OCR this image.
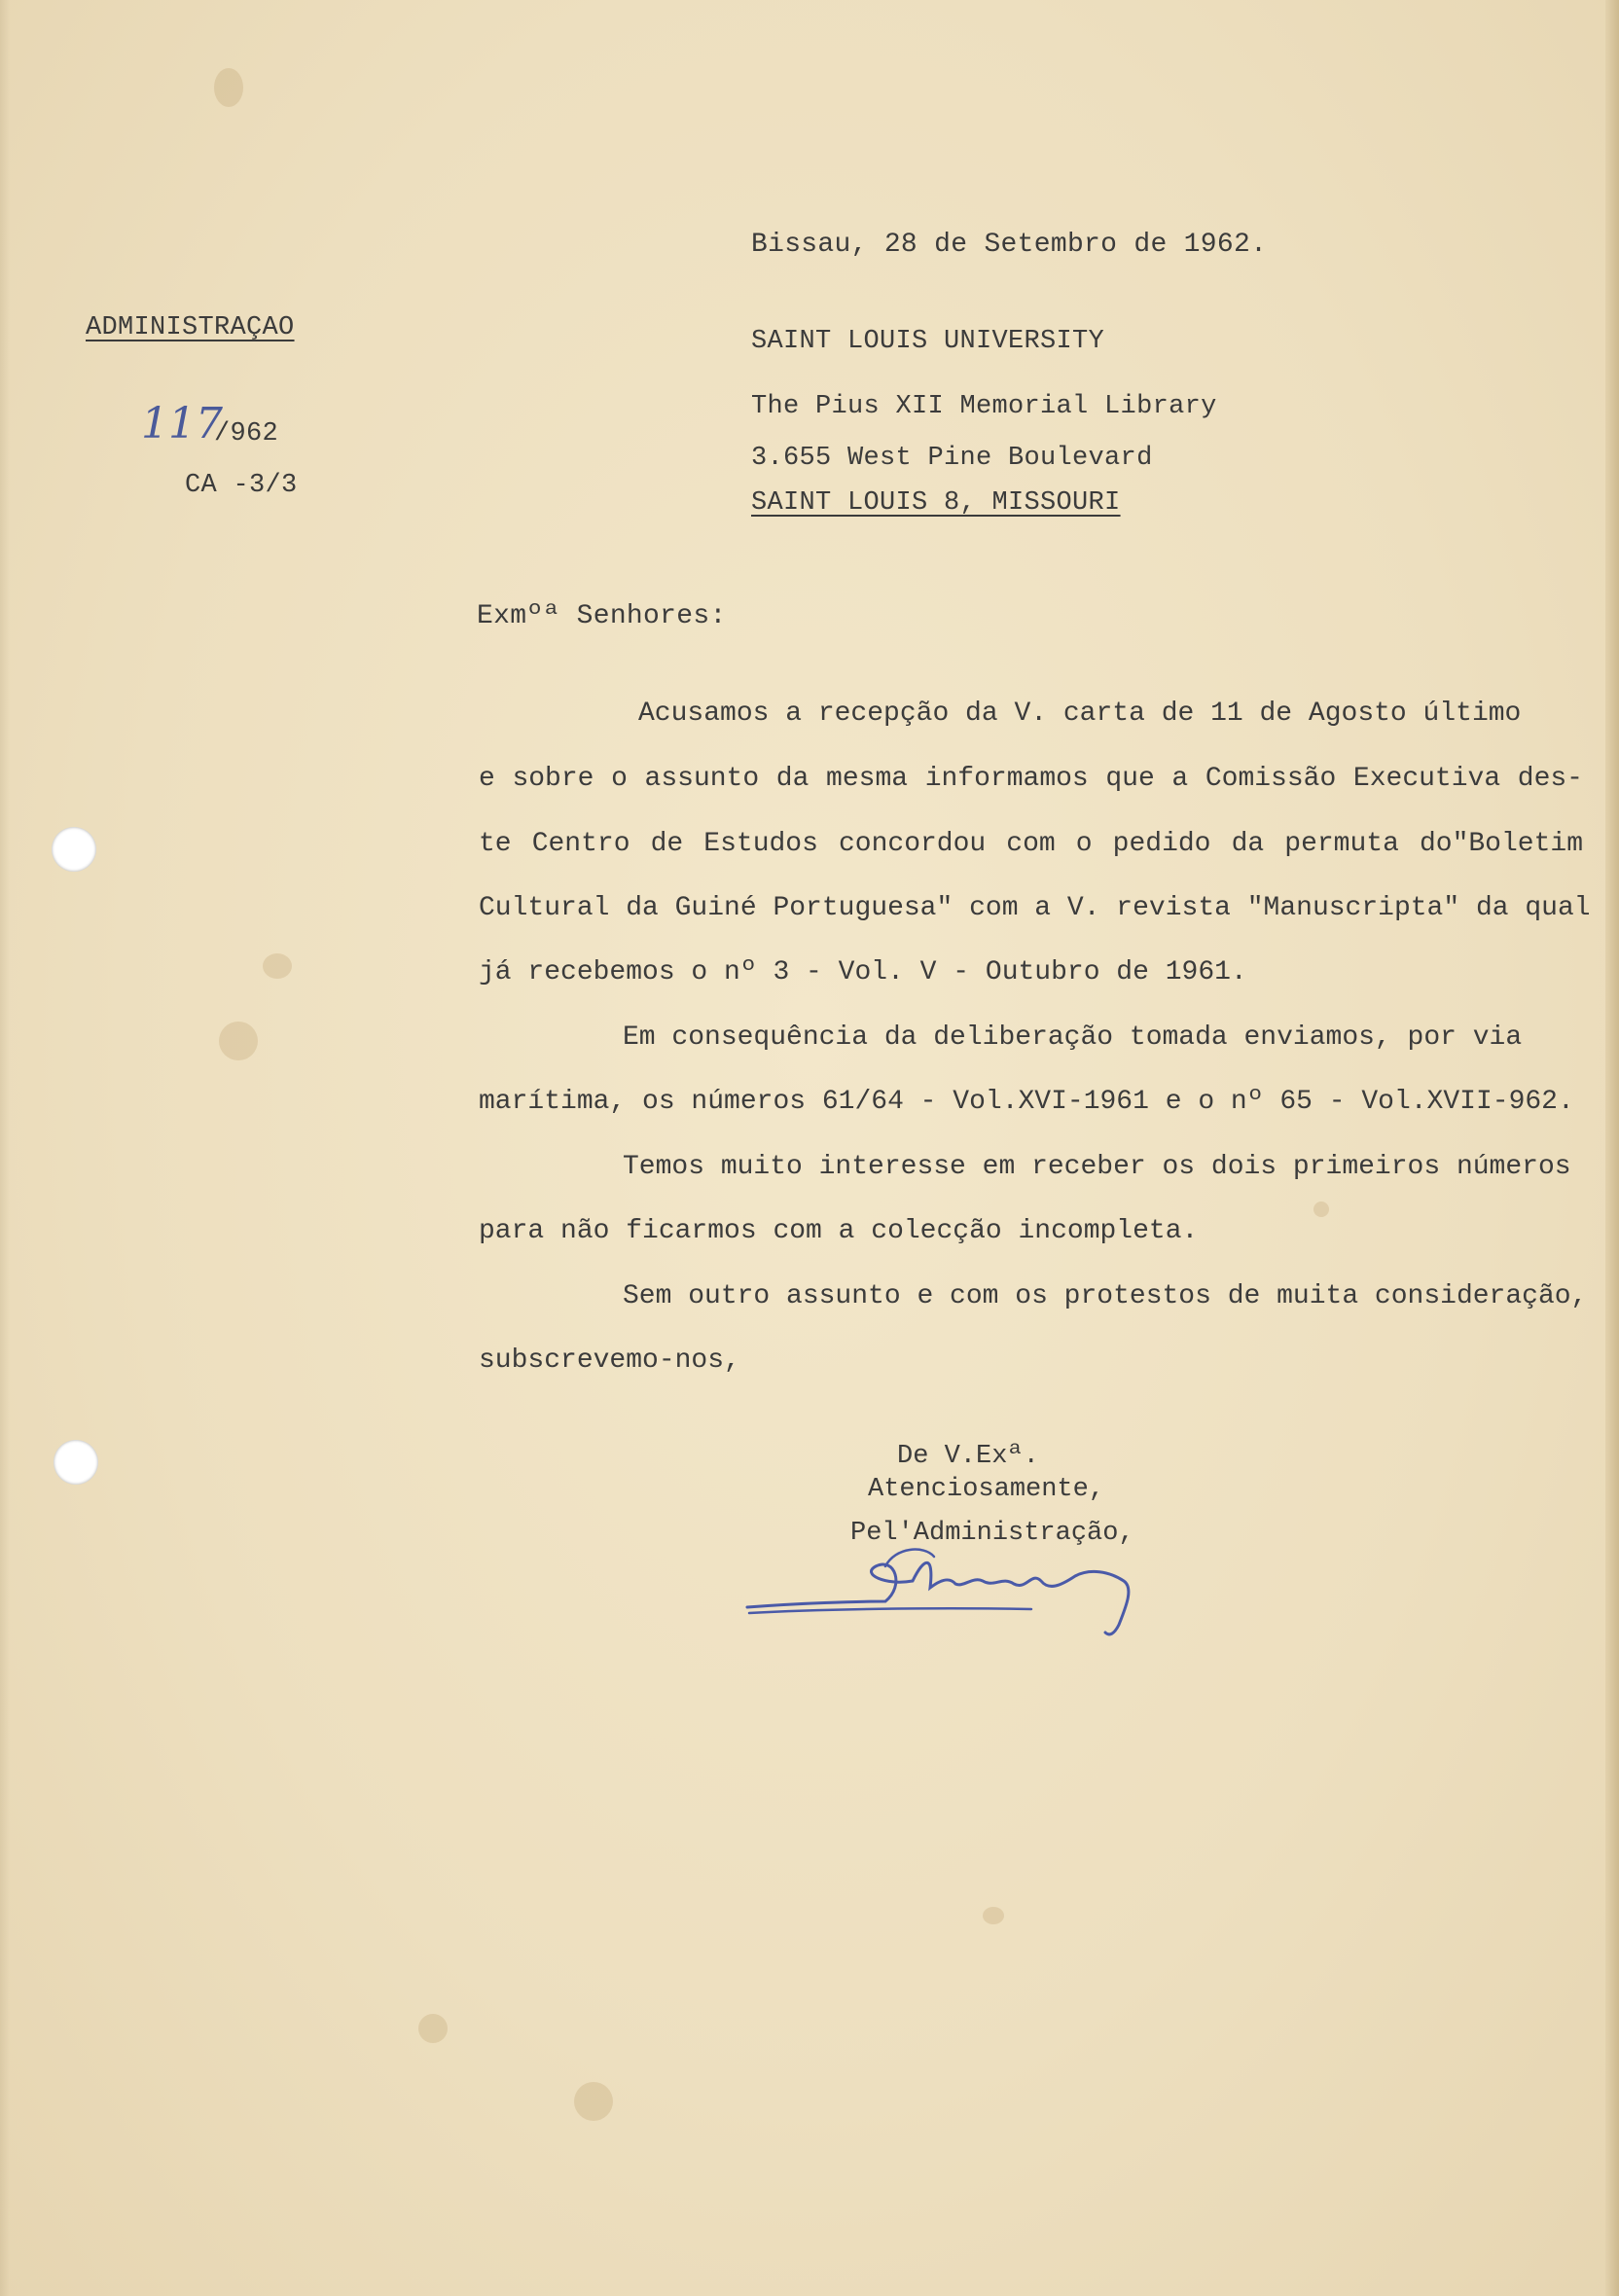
ADMINISTRAÇAO
117
/962
CA -3/3
Bissau, 28 de Setembro de 1962.
SAINT LOUIS UNIVERSITY
The Pius XII Memorial Library
3.655 West Pine Boulevard
SAINT LOUIS 8, MISSOURI
Exmºª Senhores:
Acusamos a recepção da V. carta de 11 de Agosto último
e sobre o assunto da mesma informamos que a Comissão Executiva des-
te Centro de Estudos concordou com o pedido da permuta do"Boletim
Cultural da Guiné Portuguesa" com a V. revista "Manuscripta" da qual
já recebemos o nº 3 - Vol. V - Outubro de 1961.
Em consequência da deliberação tomada enviamos, por via
marítima, os números 61/64 - Vol.XVI-1961 e o nº 65 - Vol.XVII-962.
Temos muito interesse em receber os dois primeiros números
para não ficarmos com a colecção incompleta.
Sem outro assunto e com os protestos de muita consideração,
subscrevemo-nos,
De V.Exª.
Atenciosamente,
Pel'Administração,
